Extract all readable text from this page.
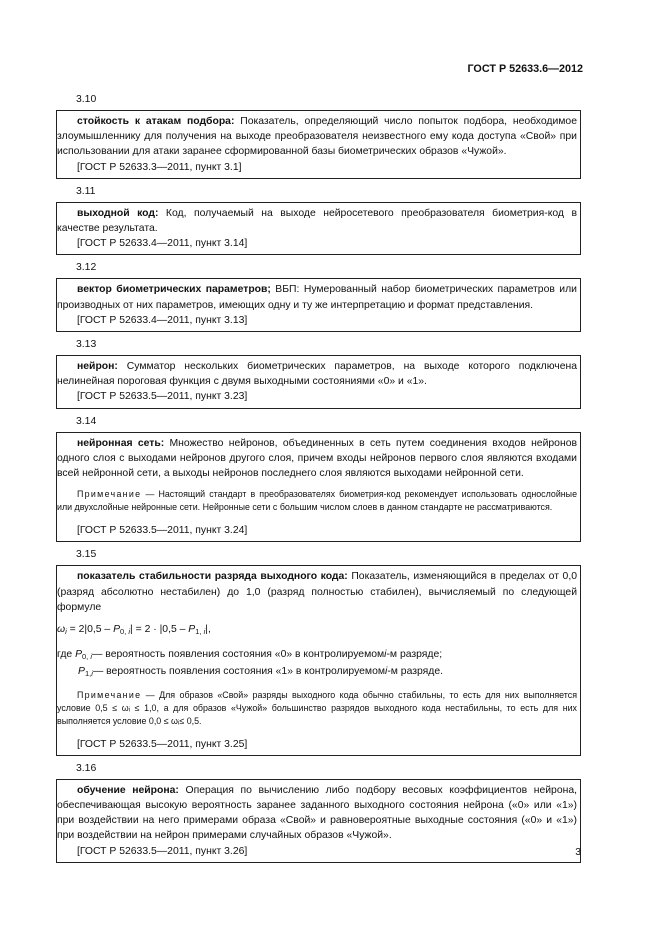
ГОСТ Р 52633.6—2012
3.10

стойкость к атакам подбора: Показатель, определяющий число попыток подбора, необходимое злоумышленнику для получения на выходе преобразователя неизвестного ему кода доступа «Свой» при использовании для атаки заранее сформированной базы биометрических образов «Чужой».

[ГОСТ Р 52633.3—2011, пункт 3.1]

3.11

выходной код: Код, получаемый на выходе нейросетевого преобразователя биометрия-код в качестве результата.

[ГОСТ Р 52633.4—2011, пункт 3.14]

3.12

вектор биометрических параметров; ВБП: Нумерованный набор биометрических параметров или производных от них параметров, имеющих одну и ту же интерпретацию и формат представления.

[ГОСТ Р 52633.4—2011, пункт 3.13]

3.13

нейрон: Сумматор нескольких биометрических параметров, на выходе которого подключена нелинейная пороговая функция с двумя выходными состояниями «0» и «1».

[ГОСТ Р 52633.5—2011, пункт 3.23]

3.14

нейронная сеть: Множество нейронов, объединенных в сеть путем соединения входов нейронов одного слоя с выходами нейронов другого слоя, причем входы нейронов первого слоя являются входами всей нейронной сети, а выходы нейронов последнего слоя являются выходами нейронной сети.

Примечание — Настоящий стандарт в преобразователях биометрия-код рекомендует использовать однослойные или двухслойные нейронные сети. Нейронные сети с большим числом слоев в данном стандарте не рассматриваются.

[ГОСТ Р 52633.5—2011, пункт 3.24]

3.15

показатель стабильности разряда выходного кода: Показатель, изменяющийся в пределах от 0,0 (разряд абсолютно нестабилен) до 1,0 (разряд полностью стабилен), вычисляемый по следующей формуле

$\omega_i = 2|0,5 - P_{0, i}| = 2 \cdot |0,5 - P_{1, i}|$,

где
$P_{0, i}$ — вероятность появления состояния «0» в контролируемом i -м разряде;
$P_{1,i}$ — вероятность появления состояния «1» в контролируемом i -м разряде.

Примечание — Для образов «Свой» разряды выходного кода обычно стабильны, то есть для них выполняется условие 0,5 ≤ ωᵢ ≤ 1,0, а для образов «Чужой» большинство разрядов выходного кода нестабильны, то есть для них выполняется условие 0,0 ≤ ωᵢ≤ 0,5.

[ГОСТ Р 52633.5—2011, пункт 3.25]

3.16

обучение нейрона: Операция по вычислению либо подбору весовых коэффициентов нейрона, обеспечивающая высокую вероятность заранее заданного выходного состояния нейрона («0» или «1») при воздействии на него примерами образа «Свой» и равновероятные выходные состояния («0» и «1») при воздействии на нейрон примерами случайных образов «Чужой».

[ГОСТ Р 52633.5—2011, пункт 3.26]	3
